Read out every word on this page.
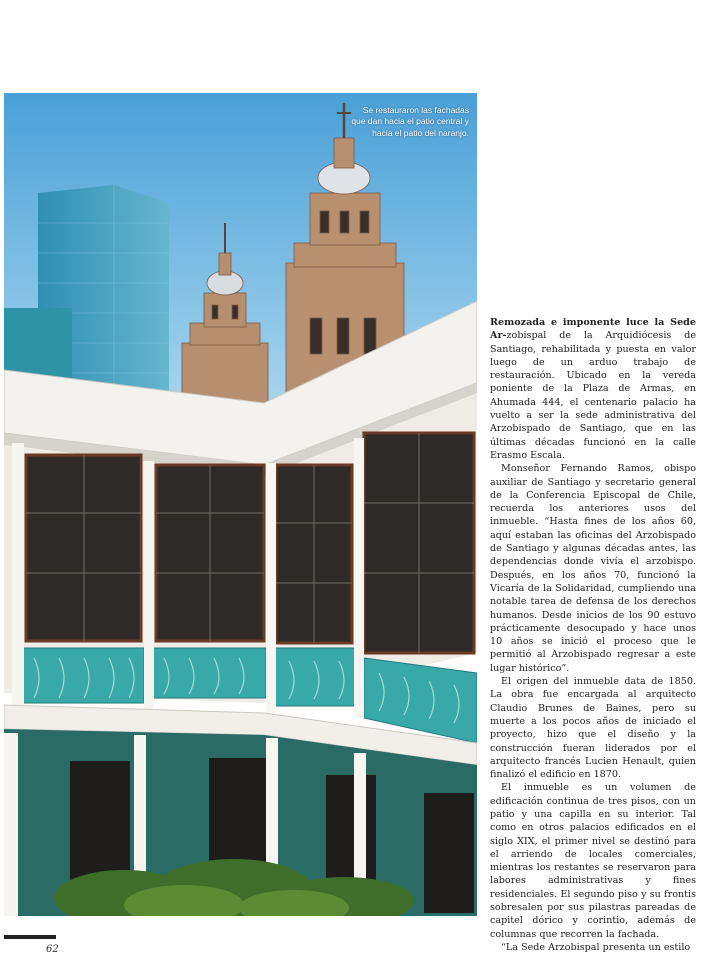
Se restauraron las fachadas que dan hacia el patio central y hacia el patio del naranjo.

Remozada e imponente luce la Sede Ar-zobispal de la Arquidiócesis de Santiago, rehabilitada y puesta en valor luego de un arduo trabajo de restauración. Ubicado en la vereda poniente de la Plaza de Armas, en Ahumada 444, el centenario palacio ha vuelto a ser la sede administrativa del Arzobispado de Santiago, que en las últimas décadas funcionó en la calle Erasmo Escala.

Monseñor Fernando Ramos, obispo auxiliar de Santiago y secretario general de la Conferencia Episcopal de Chile, recuerda los anteriores usos del inmueble. “Hasta fines de los años 60, aquí estaban las oficinas del Arzobispado de Santiago y algunas décadas antes, las dependencias donde vivía el arzobispo. Después, en los años 70, funcionó la Vicaría de la Solidaridad, cumpliendo una notable tarea de defensa de los derechos humanos. Desde inicios de los 90 estuvo prácticamente desocupado y hace unos 10 años se inició el proceso que le permitió al Arzobispado regresar a este lugar histórico”.

El origen del inmueble data de 1850. La obra fue encargada al arquitecto Claudio Brunes de Baines, pero su muerte a los pocos años de iniciado el proyecto, hizo que el diseño y la construcción fueran liderados por el arquitecto francés Lucien Henault, quien finalizó el edificio en 1870.

El inmueble es un volumen de edificación continua de tres pisos, con un patio y una capilla en su interior. Tal como en otros palacios edificados en el siglo XIX, el primer nivel se destinó para el arriendo de locales comerciales, mientras los restantes se reservaron para labores administrativas y fines residenciales. El segundo piso y su frontis sobresalen por sus pilastras pareadas de capitel dórico y corintio, además de columnas que recorren la fachada.

“La Sede Arzobispal presenta un estilo

62
